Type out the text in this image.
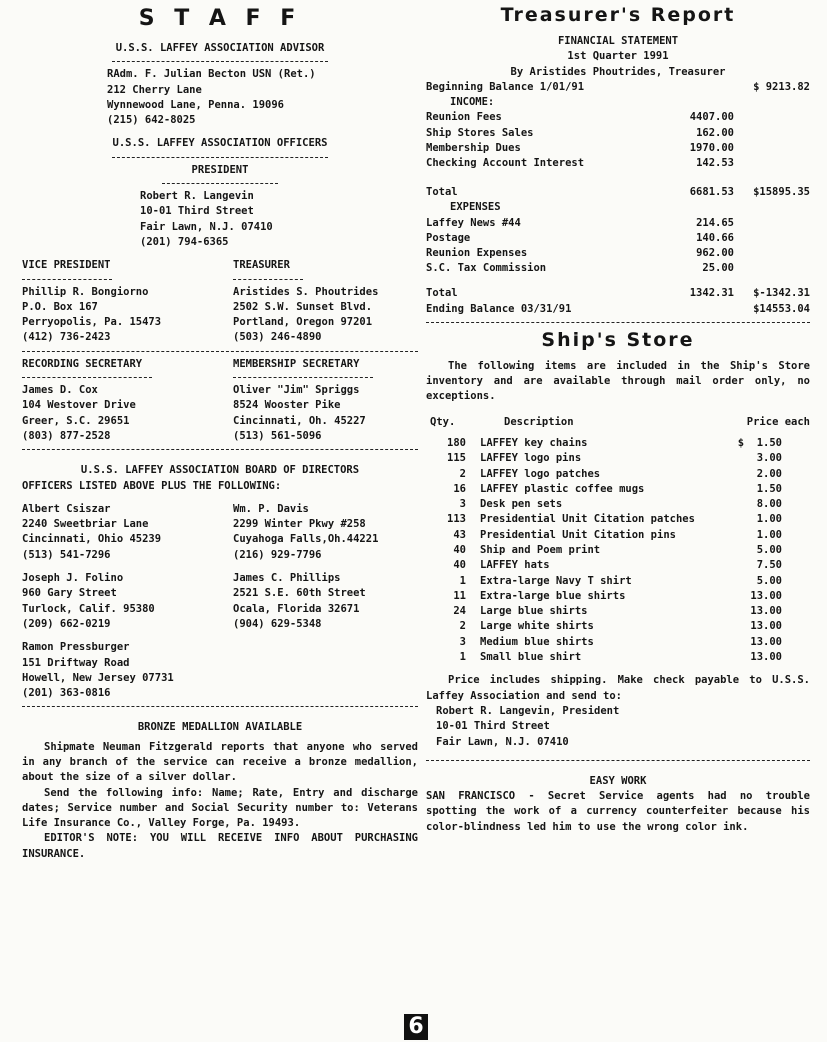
S T A F F
U.S.S. LAFFEY ASSOCIATION ADVISOR
RAdm. F. Julian Becton USN (Ret.)
212 Cherry Lane
Wynnewood Lane, Penna. 19096
(215) 642-8025
U.S.S. LAFFEY ASSOCIATION OFFICERS
PRESIDENT
Robert R. Langevin
10-01 Third Street
Fair Lawn, N.J. 07410
(201) 794-6365
VICE PRESIDENT
Phillip R. Bongiorno
P.O. Box 167
Perryopolis, Pa. 15473
(412) 736-2423
TREASURER
Aristides S. Phoutrides
2502 S.W. Sunset Blvd.
Portland, Oregon 97201
(503) 246-4890
RECORDING SECRETARY
James D. Cox
104 Westover Drive
Greer, S.C. 29651
(803) 877-2528
MEMBERSHIP SECRETARY
Oliver "Jim" Spriggs
8524 Wooster Pike
Cincinnati, Oh. 45227
(513) 561-5096
U.S.S. LAFFEY ASSOCIATION BOARD OF DIRECTORS
OFFICERS LISTED ABOVE PLUS THE FOLLOWING:
Albert Csiszar
2240 Sweetbriar Lane
Cincinnati, Ohio 45239
(513) 541-7296
Wm. P. Davis
2299 Winter Pkwy #258
Cuyahoga Falls,Oh.44221
(216) 929-7796
Joseph J. Folino
960 Gary Street
Turlock, Calif. 95380
(209) 662-0219
James C. Phillips
2521 S.E. 60th Street
Ocala, Florida 32671
(904) 629-5348
Ramon Pressburger
151 Driftway Road
Howell, New Jersey 07731
(201) 363-0816
BRONZE MEDALLION AVAILABLE
Shipmate Neuman Fitzgerald reports that anyone who served in any branch of the service can receive a bronze medallion, about the size of a silver dollar.
Send the following info: Name; Rate, Entry and discharge dates; Service number and Social Security number to: Veterans Life Insurance Co., Valley Forge, Pa. 19493.
EDITOR'S NOTE: YOU WILL RECEIVE INFO ABOUT PURCHASING INSURANCE.
Treasurer's Report
FINANCIAL STATEMENT
1st Quarter 1991
By Aristides Phoutrides, Treasurer
Beginning Balance 1/01/91	$ 9213.82
INCOME:
Reunion Fees	4407.00
Ship Stores Sales	162.00
Membership Dues	1970.00
Checking Account Interest	142.53
Total	6681.53	$15895.35
EXPENSES
Laffey News #44	214.65
Postage	140.66
Reunion Expenses	962.00
S.C. Tax Commission	25.00
Total	1342.31	$-1342.31
Ending Balance 03/31/91	$14553.04
Ship's Store
The following items are included in the Ship's Store inventory and are available through mail order only, no exceptions.
Qty.	Description	Price each
180	LAFFEY key chains	$  1.50
115	LAFFEY logo pins	3.00
2	LAFFEY logo patches	2.00
16	LAFFEY plastic coffee mugs	1.50
3	Desk pen sets	8.00
113	Presidential Unit Citation patches	1.00
43	Presidential Unit Citation pins	1.00
40	Ship and Poem print	5.00
40	LAFFEY hats	7.50
1	Extra-large Navy T shirt	5.00
11	Extra-large blue shirts	13.00
24	Large blue shirts	13.00
2	Large white shirts	13.00
3	Medium blue shirts	13.00
1	Small blue shirt	13.00
Price includes shipping. Make check payable to U.S.S. Laffey Association and send to:
Robert R. Langevin, President
10-01 Third Street
Fair Lawn, N.J. 07410
EASY WORK
SAN FRANCISCO - Secret Service agents had no trouble spotting the work of a currency counterfeiter because his color-blindness led him to use the wrong color ink.
6
